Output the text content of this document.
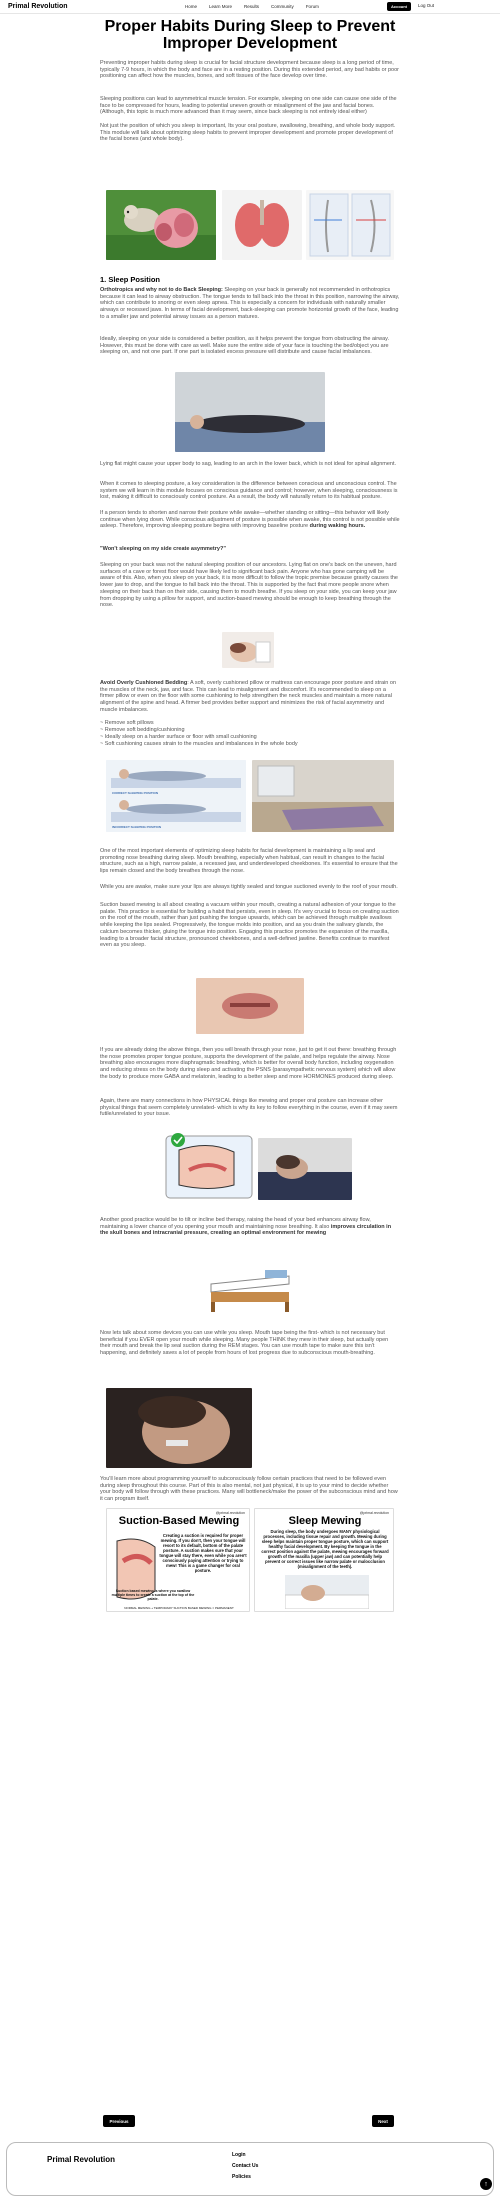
Primal Revolution	Home	Learn More	Results	Community	Forum	Account	Log Out
Proper Habits During Sleep to Prevent Improper Development

Preventing improper habits during sleep is crucial for facial structure development because sleep is a long period of time, typically 7-9 hours, in which the body and face are in a resting position. During this extended period, any bad habits or poor positioning can affect how the muscles, bones, and soft tissues of the face develop over time.

Sleeping positions can lead to asymmetrical muscle tension. For example, sleeping on one side can cause one side of the face to be compressed for hours, leading to potential uneven growth or misalignment of the jaw and facial bones. (Although, this topic is much more advanced than it may seem, since back sleeping is not entirely ideal either)

Not just the position of which you sleep is important, Its your oral posture, swallowing, breathing, and whole body support. This module will talk about optimizing sleep habits to prevent improper development and promote proper development of the facial bones (and whole body).

1. Sleep Position

Orthotropics and why not to do Back Sleeping: Sleeping on your back is generally not recommended in orthotropics because it can lead to airway obstruction. The tongue tends to fall back into the throat in this position, narrowing the airway, which can contribute to snoring or even sleep apnea. This is especially a concern for individuals with naturally smaller airways or recessed jaws. In terms of facial development, back-sleeping can promote horizontal growth of the face, leading to a smaller jaw and potential airway issues as a person matures.

Ideally, sleeping on your side is considered a better position, as it helps prevent the tongue from obstructing the airway. However, this must be done with care as well. Make sure the entire side of your face is touching the bed/object you are sleeping on, and not one part. If one part is isolated excess pressure will distribute and cause facial imbalances.

Lying flat might cause your upper body to sag, leading to an arch in the lower back, which is not ideal for spinal alignment.

When it comes to sleeping posture, a key consideration is the difference between conscious and unconscious control. The system we will learn in this module focuses on conscious guidance and control; however, when sleeping, consciousness is lost, making it difficult to consciously control posture. As a result, the body will naturally return to its habitual posture.

If a person tends to shorten and narrow their posture while awake—whether standing or sitting—this behavior will likely continue when lying down. While conscious adjustment of posture is possible when awake, this control is not possible while asleep. Therefore, improving sleeping posture begins with improving baseline posture during waking hours.

"Won't sleeping on my side create asymmetry?"

Sleeping on your back was not the natural sleeping position of our ancestors. Lying flat on one's back on the uneven, hard surfaces of a cave or forest floor would have likely led to significant back pain. Anyone who has gone camping will be aware of this. Also, when you sleep on your back, it is more difficult to follow the tropic premise because gravity causes the lower jaw to drop, and the tongue to fall back into the throat. This is supported by the fact that more people snore when sleeping on their back than on their side, causing them to mouth breathe. If you sleep on your side, you can keep your jaw from dropping by using a pillow for support, and suction-based mewing should be enough to keep breathing through the nose.

Avoid Overly Cushioned Bedding: A soft, overly cushioned pillow or mattress can encourage poor posture and strain on the muscles of the neck, jaw, and face. This can lead to misalignment and discomfort. It's recommended to sleep on a firmer pillow or even on the floor with some cushioning to help strengthen the neck muscles and maintain a more natural alignment of the spine and head. A firmer bed provides better support and minimizes the risk of facial asymmetry and muscle imbalances.

~ Remove soft pillows

~ Remove soft bedding/cushioning

~ Ideally sleep on a harder surface or floor with small cushioning

~ Soft cushioning causes strain to the muscles and imbalances in the whole body

CORRECT SLEEPING POSITION
INCORRECT SLEEPING POSITION

One of the most important elements of optimizing sleep habits for facial development is maintaining a lip seal and promoting nose breathing during sleep. Mouth breathing, especially when habitual, can result in changes to the facial structure, such as a high, narrow palate, a recessed jaw, and underdeveloped cheekbones. It's essential to ensure that the lips remain closed and the body breathes through the nose.

While you are awake, make sure your lips are always tightly sealed and tongue suctioned evenly to the roof of your mouth.

Suction based mewing is all about creating a vacuum within your mouth, creating a natural adhesion of your tongue to the palate. This practice is essential for building a habit that persists, even in sleep. It's very crucial to focus on creating suction on the roof of the mouth, rather than just pushing the tongue upwards, which can be achieved through multiple swallows while keeping the lips sealed. Progressively, the tongue molds into position, and as you drain the salivary glands, the calcium becomes thicker, gluing the tongue into position. Engaging this practice promotes the expansion of the maxilla, leading to a broader facial structure, pronounced cheekbones, and a well-defined jawline. Benefits continue to manifest even as you sleep.

If you are already doing the above things, then you will breath through your nose, just to get it out there: breathing through the nose promotes proper tongue posture, supports the development of the palate, and helps regulate the airway. Nose breathing also encourages more diaphragmatic breathing, which is better for overall body function, including oxygenation and reducing stress on the body during sleep and activating the PSNS (parasympathetic nervous system) which will allow the body to produce more GABA and melatonin, leading to a better sleep and more HORMONES produced during sleep.

Again, there are many connections in how PHYSICAL things like mewing and proper oral posture can increase other physical things that seem completely unrelated- which is why its key to follow everything in the course, even if it may seem futile/unrelated to your issue.

Another good practice would be to tilt or incline bed therapy, raising the head of your bed enhances airway flow, maintaining a lower chance of you opening your mouth and maintaining nose breathing. It also improves circulation in the skull bones and intracranial pressure, creating an optimal environment for mewing

Now lets talk about some devices you can use while you sleep. Mouth tape being the first- which is not necessary but beneficial if you EVER open your mouth while sleeping. Many people THINK they mew in their sleep, but actually open their mouth and break the lip seal suction during the REM stages. You can use mouth tape to make sure this isn't happening, and definitely saves a lot of people from hours of lost progress due to subconscious mouth-breathing.

You'll learn more about programming yourself to subconsciously follow certain practices that need to be followed even during sleep throughout this course. Part of this is also mental, not just physical, it is up to your mind to decide whether your body will follow through with these practices. Many will bottleneck/make the power of the subconscious mind and how it can program itself.

@primal.revolution
Suction-Based Mewing
Creating a suction is required for proper mewing. If you don't, then your tongue will resort to its default, bottom of the palate posture. A suction makes sure that your tongue will stay there, even while you aren't consciously paying attention or trying to mew! This is a game changer for oral posture.
Suction based mewing is where you swallow multiple times to create a suction at the top of the palate.
NORMAL MEWING + TEMPORARY SUCTION BASED MEWING = PERMANENT
@primal.revolution
Sleep Mewing
During sleep, the body undergoes MANY physiological processes, including tissue repair and growth. Mewing during sleep helps maintain proper tongue posture, which can support healthy facial development. By keeping the tongue in the correct position against the palate, mewing encourages forward growth of the maxilla (upper jaw) and can potentially help prevent or correct issues like narrow palate or malocclusion (misalignment of the teeth).
Previous	Next
Primal Revolution	Login
Contact Us
Policies
↑
